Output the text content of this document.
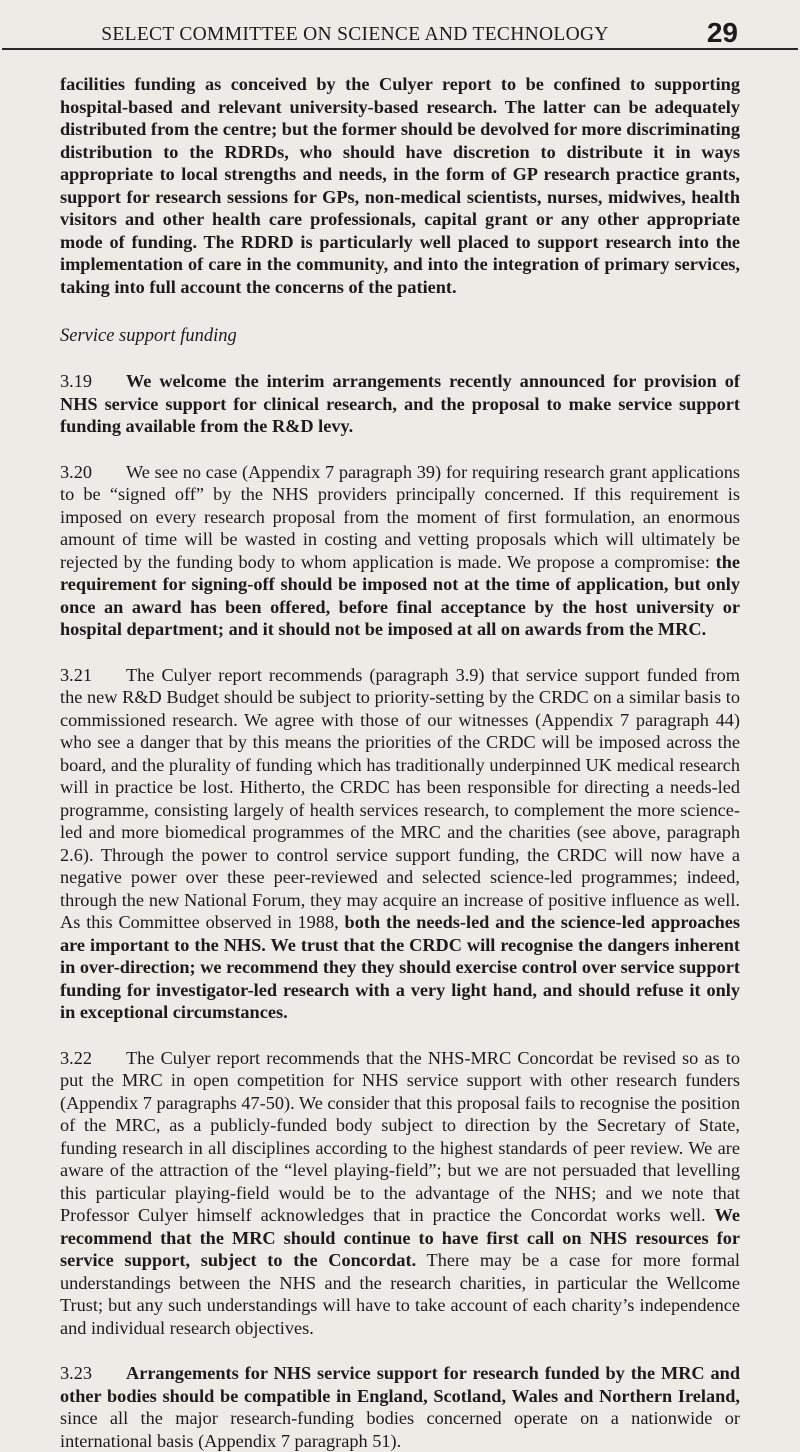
SELECT COMMITTEE ON SCIENCE AND TECHNOLOGY	29

facilities funding as conceived by the Culyer report to be confined to supporting hospital-based and relevant university-based research. The latter can be adequately distributed from the centre; but the former should be devolved for more discriminating distribution to the RDRDs, who should have discretion to distribute it in ways appropriate to local strengths and needs, in the form of GP research practice grants, support for research sessions for GPs, non-medical scientists, nurses, midwives, health visitors and other health care professionals, capital grant or any other appropriate mode of funding. The RDRD is particularly well placed to support research into the implementation of care in the community, and into the integration of primary services, taking into full account the concerns of the patient.

Service support funding

3.19 We welcome the interim arrangements recently announced for provision of NHS service support for clinical research, and the proposal to make service support funding available from the R&D levy.

3.20 We see no case (Appendix 7 paragraph 39) for requiring research grant applications to be “signed off” by the NHS providers principally concerned. If this requirement is imposed on every research proposal from the moment of first formulation, an enormous amount of time will be wasted in costing and vetting proposals which will ultimately be rejected by the funding body to whom application is made. We propose a compromise: the requirement for signing-off should be imposed not at the time of application, but only once an award has been offered, before final acceptance by the host university or hospital department; and it should not be imposed at all on awards from the MRC.

3.21 The Culyer report recommends (paragraph 3.9) that service support funded from the new R&D Budget should be subject to priority-setting by the CRDC on a similar basis to commissioned research. We agree with those of our witnesses (Appendix 7 paragraph 44) who see a danger that by this means the priorities of the CRDC will be imposed across the board, and the plurality of funding which has traditionally underpinned UK medical research will in practice be lost. Hitherto, the CRDC has been responsible for directing a needs-led programme, consisting largely of health services research, to complement the more science-led and more biomedical programmes of the MRC and the charities (see above, paragraph 2.6). Through the power to control service support funding, the CRDC will now have a negative power over these peer-reviewed and selected science-led programmes; indeed, through the new National Forum, they may acquire an increase of positive influence as well. As this Committee observed in 1988, both the needs-led and the science-led approaches are important to the NHS. We trust that the CRDC will recognise the dangers inherent in over-direction; we recommend they they should exercise control over service support funding for investigator-led research with a very light hand, and should refuse it only in exceptional circumstances.

3.22 The Culyer report recommends that the NHS-MRC Concordat be revised so as to put the MRC in open competition for NHS service support with other research funders (Appendix 7 paragraphs 47-50). We consider that this proposal fails to recognise the position of the MRC, as a publicly-funded body subject to direction by the Secretary of State, funding research in all disciplines according to the highest standards of peer review. We are aware of the attraction of the “level playing-field”; but we are not persuaded that levelling this particular playing-field would be to the advantage of the NHS; and we note that Professor Culyer himself acknowledges that in practice the Concordat works well. We recommend that the MRC should continue to have first call on NHS resources for service support, subject to the Concordat. There may be a case for more formal understandings between the NHS and the research charities, in particular the Wellcome Trust; but any such understandings will have to take account of each charity’s independence and individual research objectives.

3.23 Arrangements for NHS service support for research funded by the MRC and other bodies should be compatible in England, Scotland, Wales and Northern Ireland, since all the major research-funding bodies concerned operate on a nationwide or international basis (Appendix 7 paragraph 51).
